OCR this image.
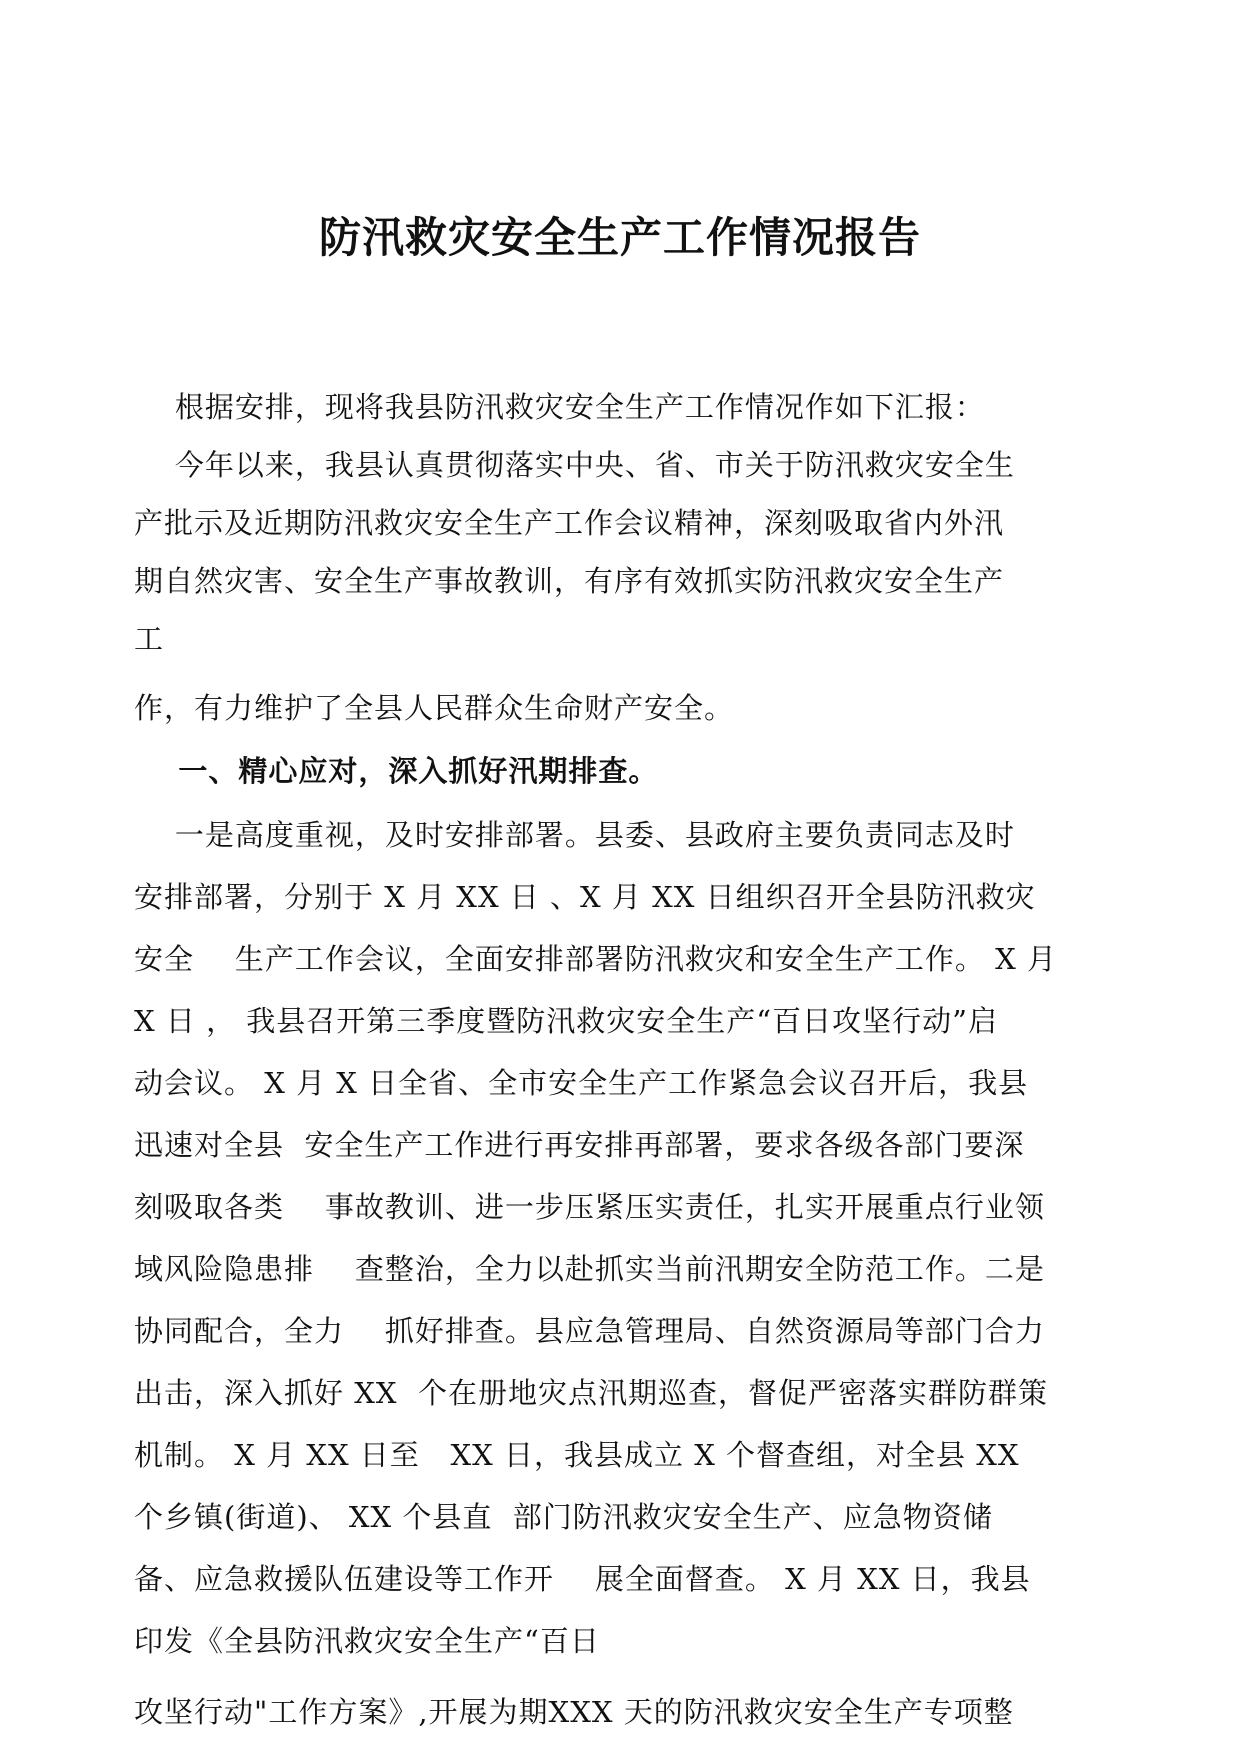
防汛救灾安全生产工作情况报告
根据安排，现将我县防汛救灾安全生产工作情况作如下汇报：
今年以来，我县认真贯彻落实中央、省、市关于防汛救灾安全生
产批示及近期防汛救灾安全生产工作会议精神，深刻吸取省内外汛
期自然灾害、安全生产事故教训，有序有效抓实防汛救灾安全生产
工
作，有力维护了全县人民群众生命财产安全。
一、精心应对，深入抓好汛期排查。
一是高度重视，及时安排部署。县委、县政府主要负责同志及时
安排部署，分别于 X 月 XX 日 、X 月 XX 日组织召开全县防汛救灾
安全    生产工作会议，全面安排部署防汛救灾和安全生产工作。 X 月
X 日 ， 我县召开第三季度暨防汛救灾安全生产“百日攻坚行动”启
动会议。 X 月 X 日全省、全市安全生产工作紧急会议召开后，我县
迅速对全县  安全生产工作进行再安排再部署，要求各级各部门要深
刻吸取各类    事故教训、进一步压紧压实责任，扎实开展重点行业领
域风险隐患排    查整治，全力以赴抓实当前汛期安全防范工作。二是
协同配合，全力    抓好排查。县应急管理局、自然资源局等部门合力
出击，深入抓好 XX  个在册地灾点汛期巡查，督促严密落实群防群策
机制。 X 月 XX 日至   XX 日，我县成立 X 个督查组，对全县 XX
个乡镇(街道)、 XX 个县直  部门防汛救灾安全生产、应急物资储
备、应急救援队伍建设等工作开    展全面督查。 X 月 XX 日，我县
印发《全县防汛救灾安全生产“百日
攻坚行动"工作方案》,开展为期XXX 天的防汛救灾安全生产专项整
